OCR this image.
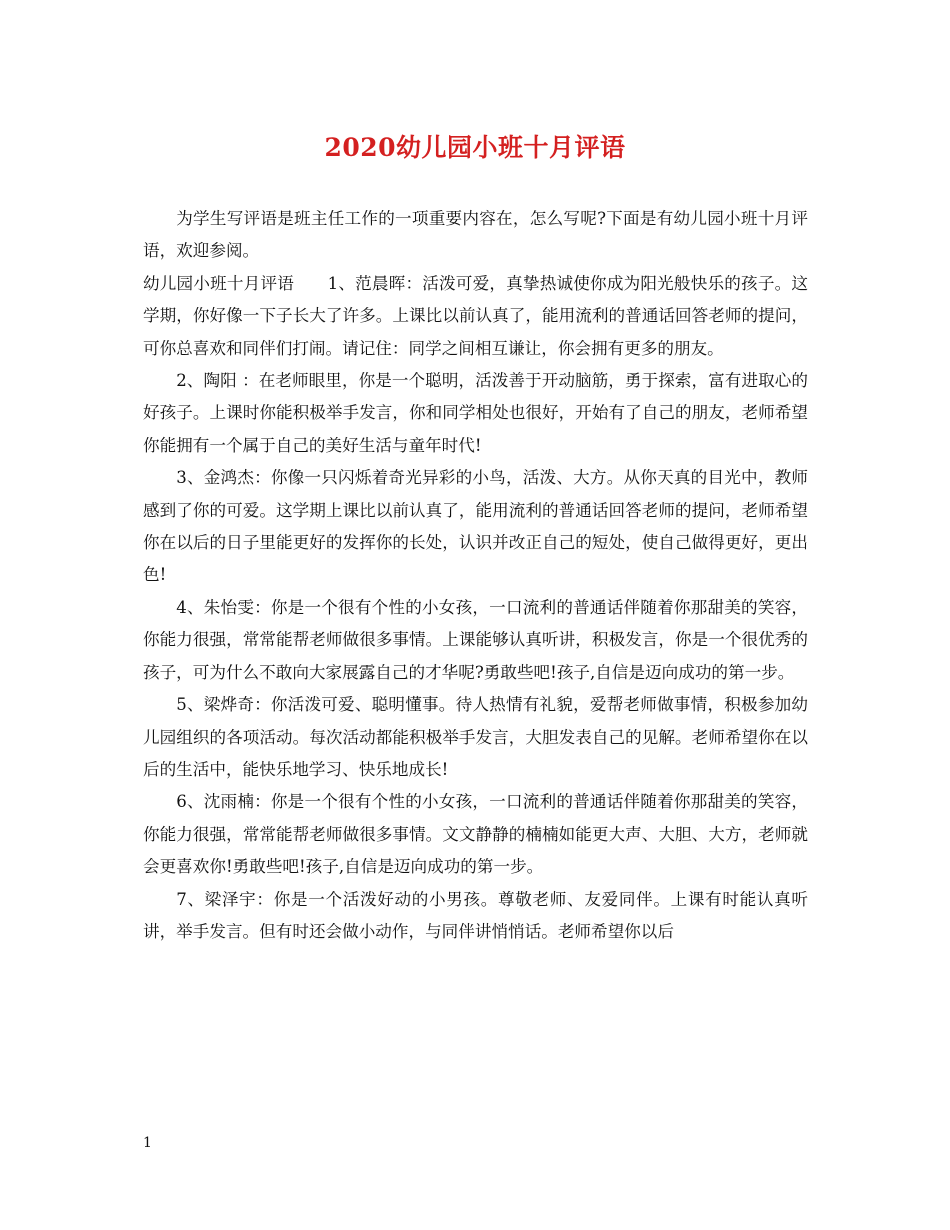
2020幼儿园小班十月评语

为学生写评语是班主任工作的一项重要内容在，怎么写呢?下面是有幼儿园小班十月评语，欢迎参阅。

幼儿园小班十月评语　　1、范晨晖：活泼可爱，真挚热诚使你成为阳光般快乐的孩子。这学期，你好像一下子长大了许多。上课比以前认真了，能用流利的普通话回答老师的提问，可你总喜欢和同伴们打闹。请记住：同学之间相互谦让，你会拥有更多的朋友。

2、陶阳 ：在老师眼里，你是一个聪明，活泼善于开动脑筋，勇于探索，富有进取心的好孩子。上课时你能积极举手发言，你和同学相处也很好，开始有了自己的朋友，老师希望你能拥有一个属于自己的美好生活与童年时代!

3、金鸿杰：你像一只闪烁着奇光异彩的小鸟，活泼、大方。从你天真的目光中，教师感到了你的可爱。这学期上课比以前认真了，能用流利的普通话回答老师的提问，老师希望你在以后的日子里能更好的发挥你的长处，认识并改正自己的短处，使自己做得更好，更出色!

4、朱怡雯：你是一个很有个性的小女孩，一口流利的普通话伴随着你那甜美的笑容，你能力很强，常常能帮老师做很多事情。上课能够认真听讲，积极发言，你是一个很优秀的孩子，可为什么不敢向大家展露自己的才华呢?勇敢些吧!孩子,自信是迈向成功的第一步。

5、梁烨奇：你活泼可爱、聪明懂事。待人热情有礼貌，爱帮老师做事情，积极参加幼儿园组织的各项活动。每次活动都能积极举手发言，大胆发表自己的见解。老师希望你在以后的生活中，能快乐地学习、快乐地成长!

6、沈雨楠：你是一个很有个性的小女孩，一口流利的普通话伴随着你那甜美的笑容，你能力很强，常常能帮老师做很多事情。文文静静的楠楠如能更大声、大胆、大方，老师就会更喜欢你!勇敢些吧!孩子,自信是迈向成功的第一步。

7、梁泽宇：你是一个活泼好动的小男孩。尊敬老师、友爱同伴。上课有时能认真听讲，举手发言。但有时还会做小动作，与同伴讲悄悄话。老师希望你以后

1
